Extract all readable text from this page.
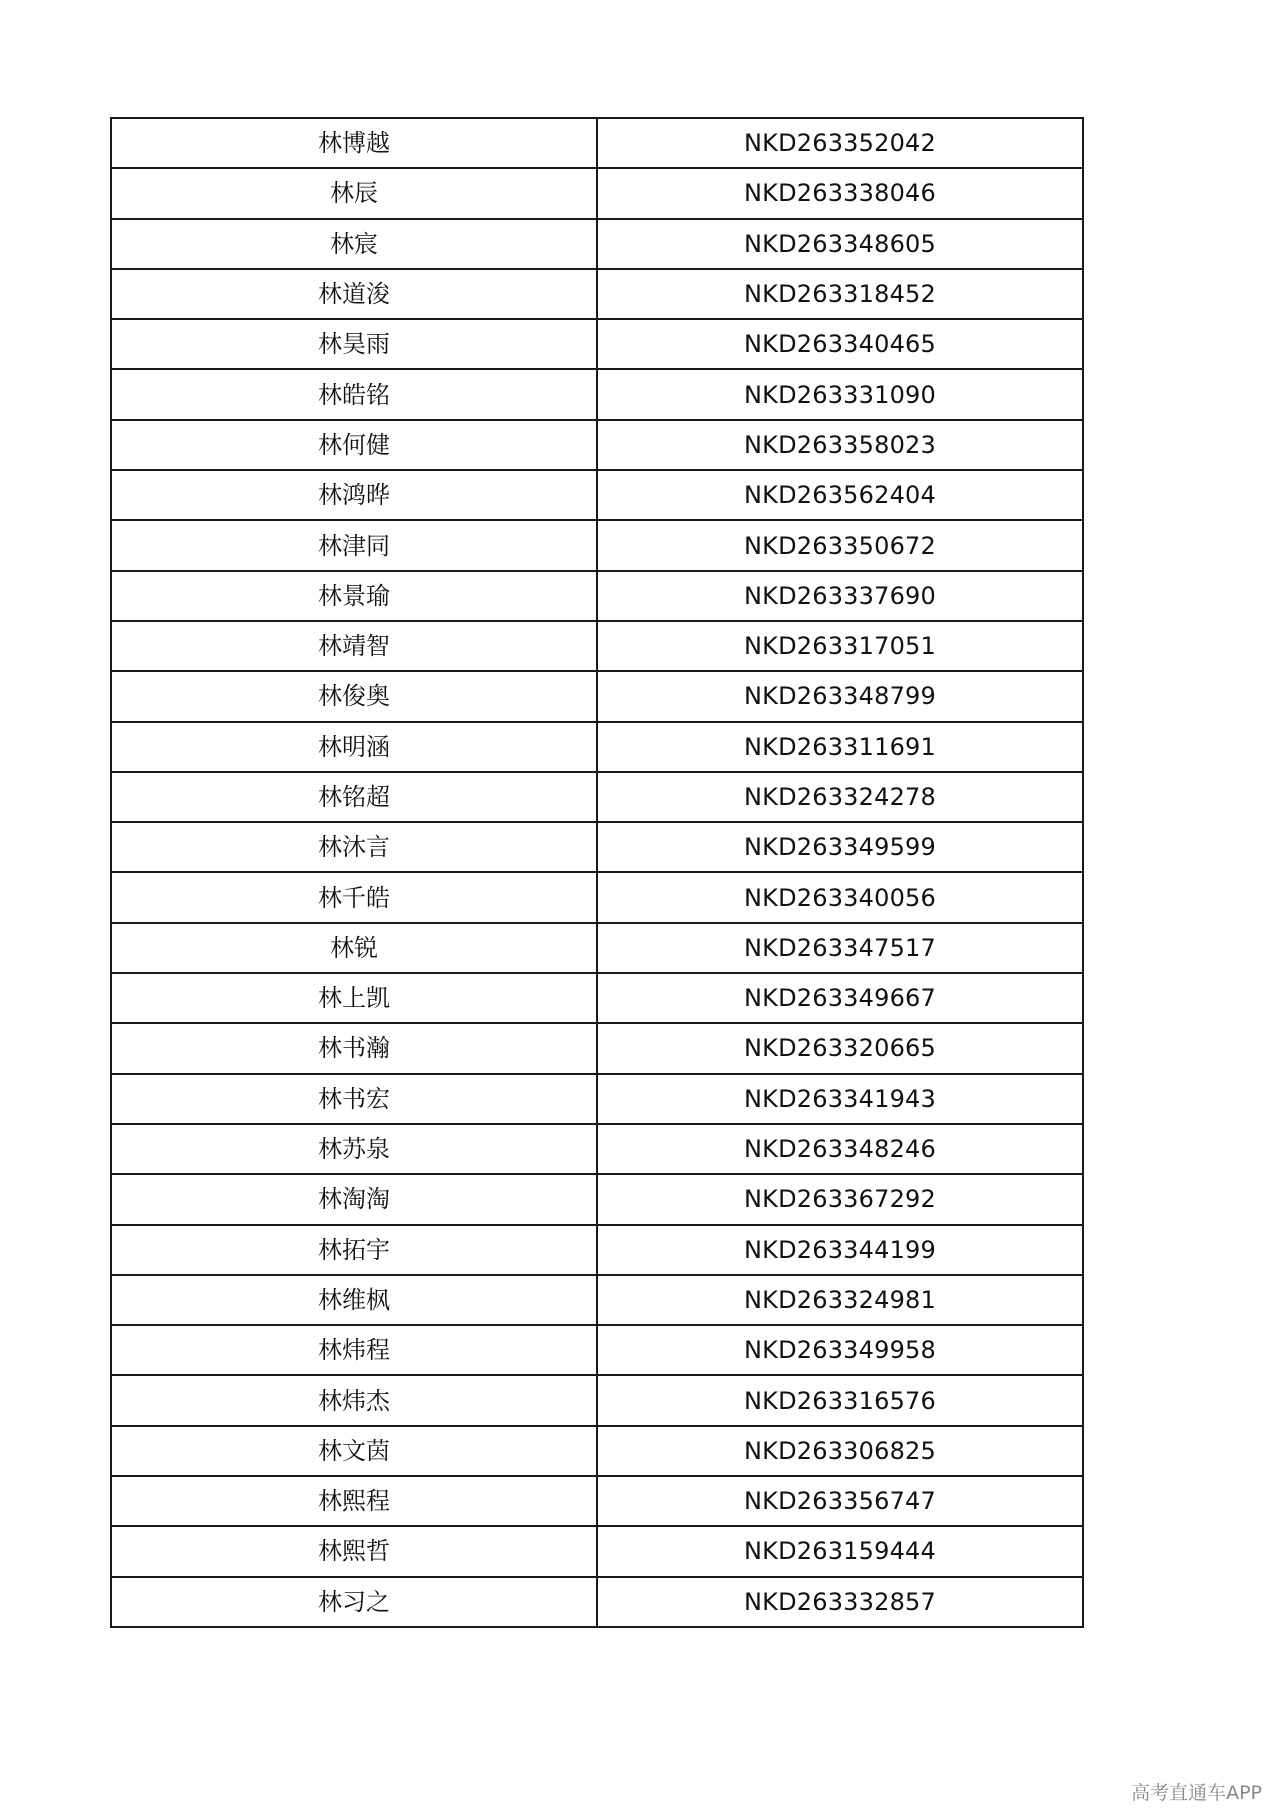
林博越	NKD263352042
林辰	NKD263338046
林宸	NKD263348605
林道浚	NKD263318452
林昊雨	NKD263340465
林皓铭	NKD263331090
林何健	NKD263358023
林鸿晔	NKD263562404
林津同	NKD263350672
林景瑜	NKD263337690
林靖智	NKD263317051
林俊奥	NKD263348799
林明涵	NKD263311691
林铭超	NKD263324278
林沐言	NKD263349599
林千皓	NKD263340056
林锐	NKD263347517
林上凯	NKD263349667
林书瀚	NKD263320665
林书宏	NKD263341943
林苏泉	NKD263348246
林淘淘	NKD263367292
林拓宇	NKD263344199
林维枫	NKD263324981
林炜程	NKD263349958
林炜杰	NKD263316576
林文茵	NKD263306825
林熙程	NKD263356747
林熙哲	NKD263159444
林习之	NKD263332857
高考直通车APP
